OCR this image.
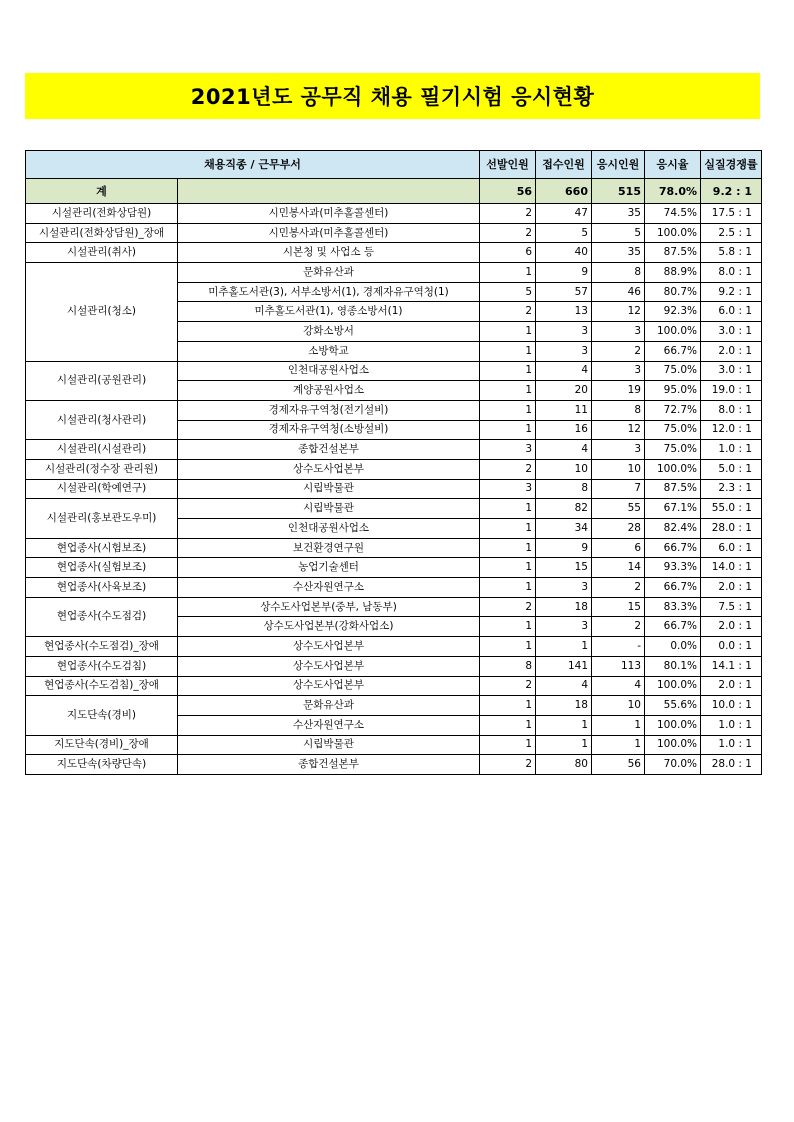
2021년도 공무직 채용 필기시험 응시현황
채용직종 / 근무부서		선발인원	접수인원	응시인원	응시율	실질경쟁률
계		56	660	515	78.0%	9.2 : 1
시설관리(전화상담원)	시민봉사과(미추홀콜센터)	2	47	35	74.5%	17.5 : 1
시설관리(전화상담원)_장애	시민봉사과(미추홀콜센터)	2	5	5	100.0%	2.5 : 1
시설관리(취사)	시본청 및 사업소 등	6	40	35	87.5%	5.8 : 1
시설관리(청소)	문화유산과	1	9	8	88.9%	8.0 : 1
	미추홀도서관(3), 서부소방서(1), 경제자유구역청(1)	5	57	46	80.7%	9.2 : 1
	미추홀도서관(1), 영종소방서(1)	2	13	12	92.3%	6.0 : 1
	강화소방서	1	3	3	100.0%	3.0 : 1
	소방학교	1	3	2	66.7%	2.0 : 1
시설관리(공원관리)	인천대공원사업소	1	4	3	75.0%	3.0 : 1
	계양공원사업소	1	20	19	95.0%	19.0 : 1
시설관리(청사관리)	경제자유구역청(전기설비)	1	11	8	72.7%	8.0 : 1
	경제자유구역청(소방설비)	1	16	12	75.0%	12.0 : 1
시설관리(시설관리)	종합건설본부	3	4	3	75.0%	1.0 : 1
시설관리(정수장 관리원)	상수도사업본부	2	10	10	100.0%	5.0 : 1
시설관리(학예연구)	시립박물관	3	8	7	87.5%	2.3 : 1
시설관리(홍보관도우미)	시립박물관	1	82	55	67.1%	55.0 : 1
	인천대공원사업소	1	34	28	82.4%	28.0 : 1
현업종사(시험보조)	보건환경연구원	1	9	6	66.7%	6.0 : 1
현업종사(실험보조)	농업기술센터	1	15	14	93.3%	14.0 : 1
현업종사(사육보조)	수산자원연구소	1	3	2	66.7%	2.0 : 1
현업종사(수도점검)	상수도사업본부(중부, 남동부)	2	18	15	83.3%	7.5 : 1
	상수도사업본부(강화사업소)	1	3	2	66.7%	2.0 : 1
현업종사(수도점검)_장애	상수도사업본부	1	1	-	0.0%	0.0 : 1
현업종사(수도검침)	상수도사업본부	8	141	113	80.1%	14.1 : 1
현업종사(수도검침)_장애	상수도사업본부	2	4	4	100.0%	2.0 : 1
지도단속(경비)	문화유산과	1	18	10	55.6%	10.0 : 1
	수산자원연구소	1	1	1	100.0%	1.0 : 1
지도단속(경비)_장애	시립박물관	1	1	1	100.0%	1.0 : 1
지도단속(차량단속)	종합건설본부	2	80	56	70.0%	28.0 : 1
